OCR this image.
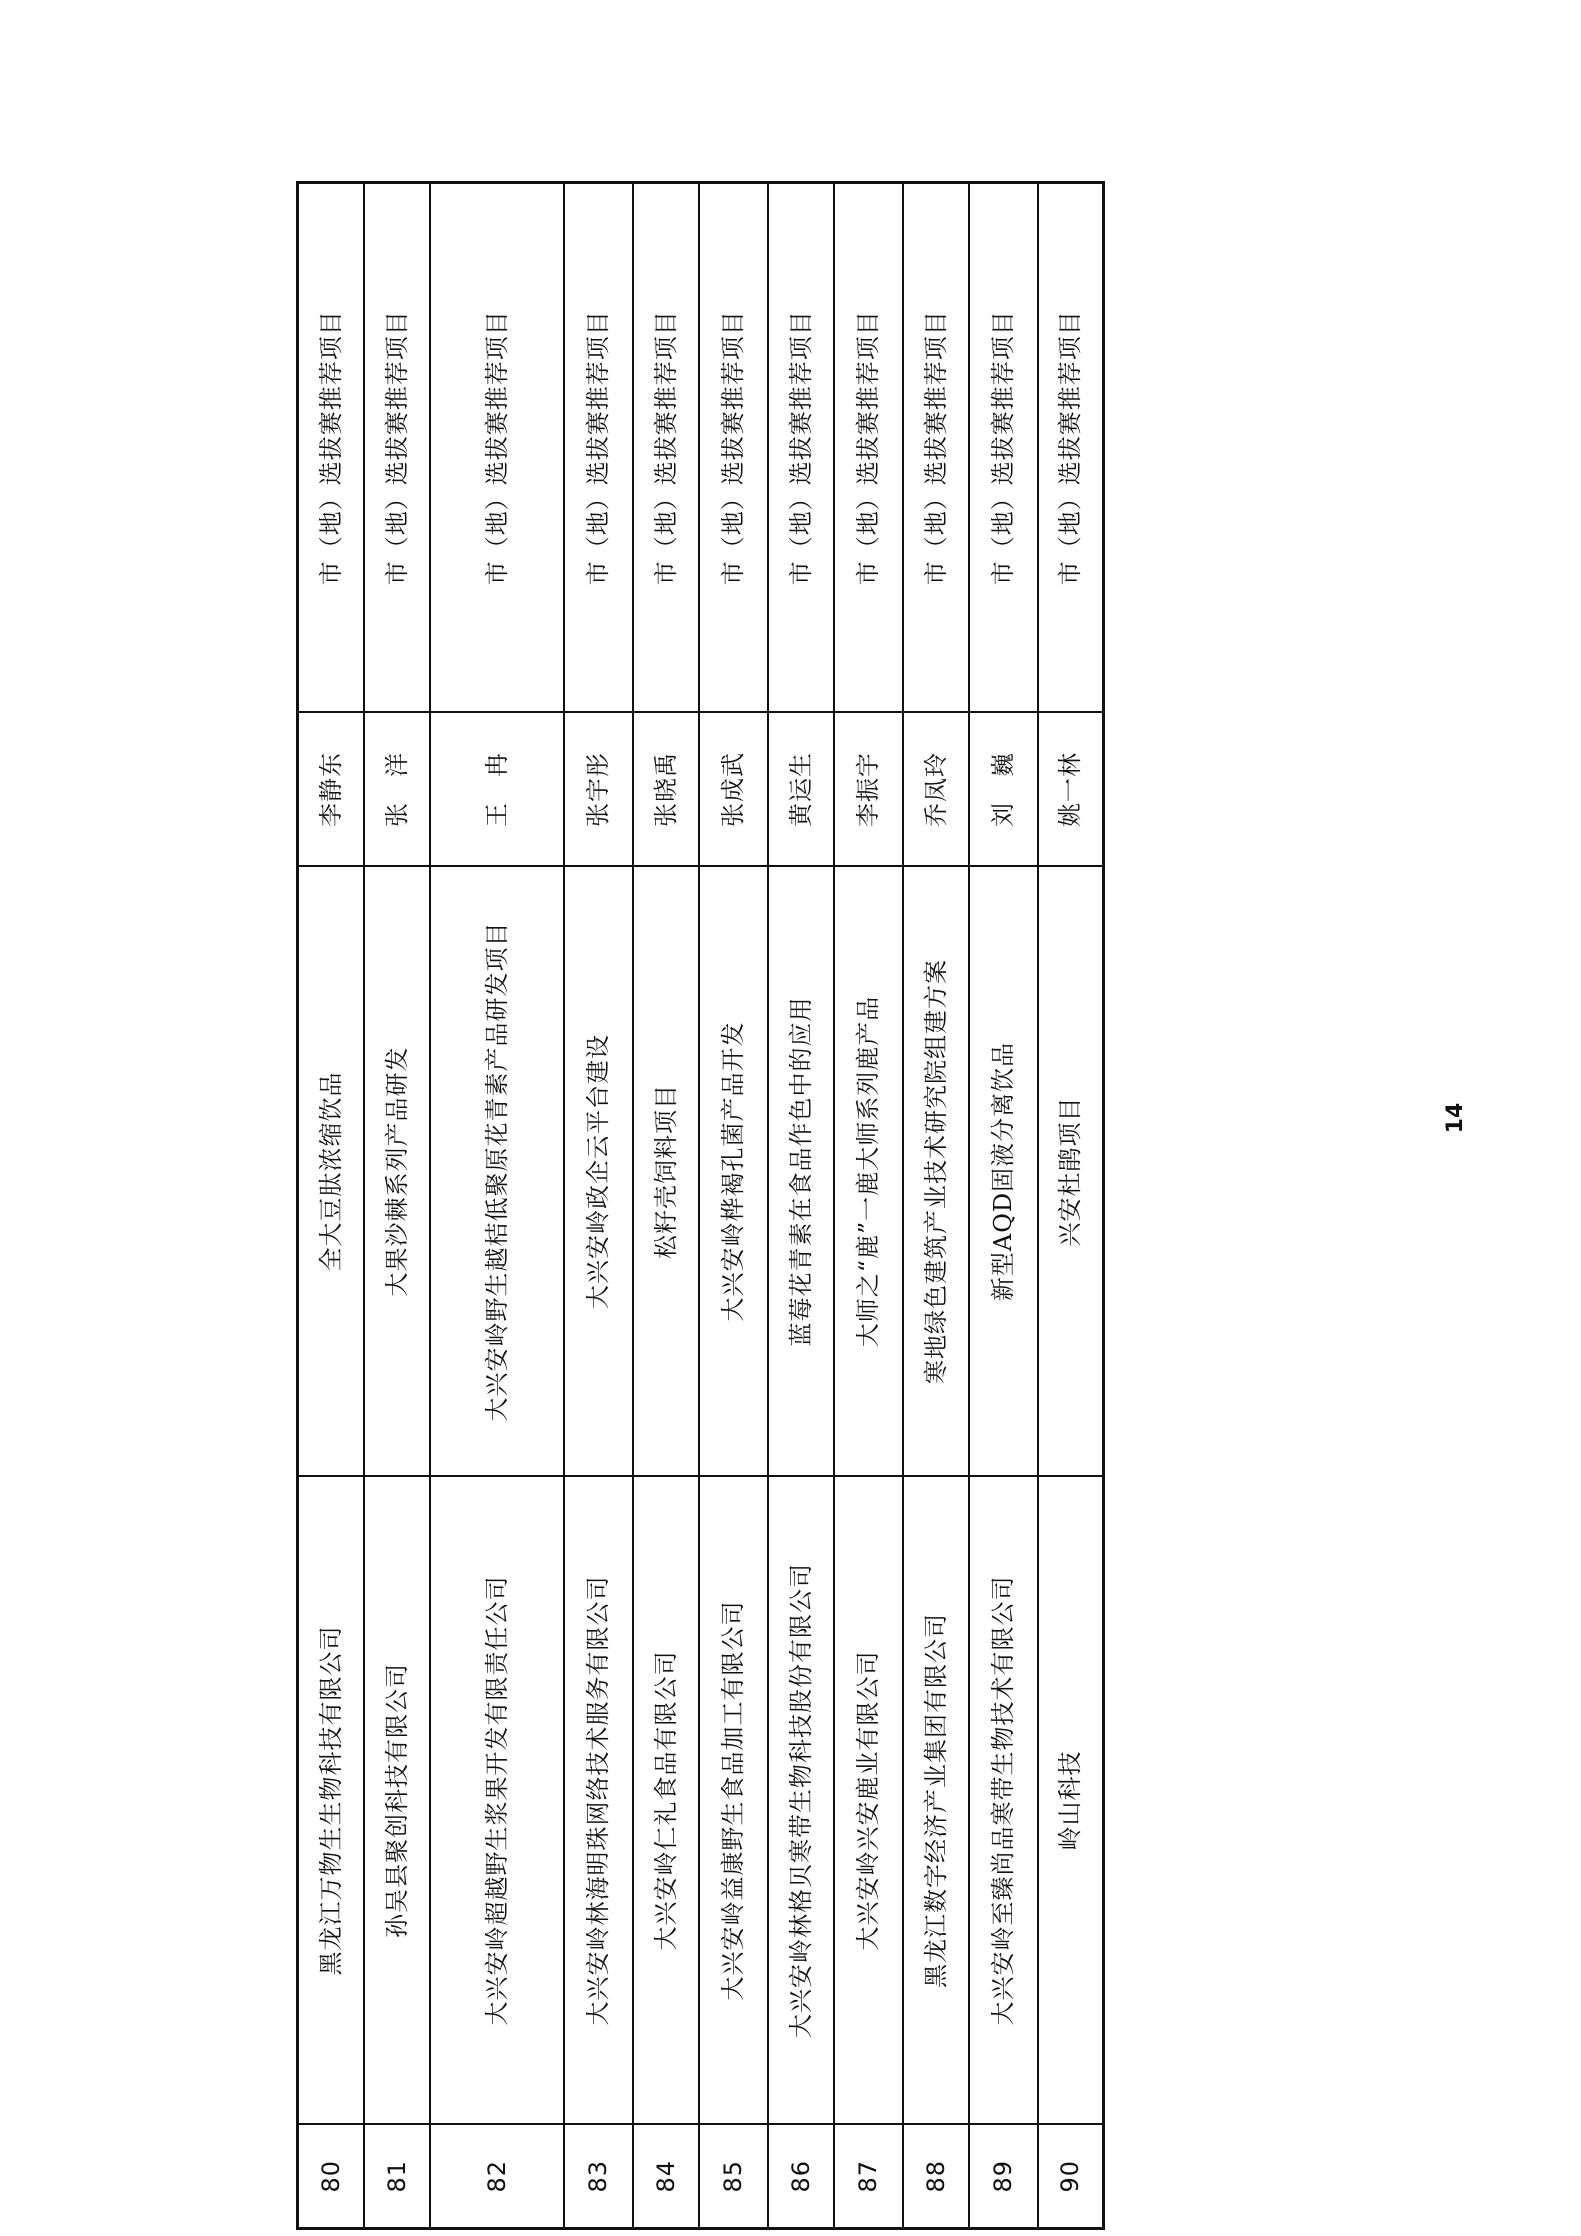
80	黑龙江万物生生物科技有限公司	全大豆肽浓缩饮品	李静东	市（地）选拔赛推荐项目
81	孙吴县聚创科技有限公司	大果沙棘系列产品研发	张　洋	市（地）选拔赛推荐项目
82	大兴安岭超越野生浆果开发有限责任公司	大兴安岭野生越桔低聚原花青素产品研发项目	王　冉	市（地）选拔赛推荐项目
83	大兴安岭林海明珠网络技术服务有限公司	大兴安岭政企云平台建设	张宇彤	市（地）选拔赛推荐项目
84	大兴安岭仁礼食品有限公司	松籽壳饲料项目	张晓禹	市（地）选拔赛推荐项目
85	大兴安岭益康野生食品加工有限公司	大兴安岭桦褐孔菌产品开发	张成武	市（地）选拔赛推荐项目
86	大兴安岭林格贝寒带生物科技股份有限公司	蓝莓花青素在食品作色中的应用	黄运生	市（地）选拔赛推荐项目
87	大兴安岭兴安鹿业有限公司	大师之“鹿”一鹿大师系列鹿产品	李振宇	市（地）选拔赛推荐项目
88	黑龙江数字经济产业集团有限公司	寒地绿色建筑产业技术研究院组建方案	乔凤玲	市（地）选拔赛推荐项目
89	大兴安岭至臻尚品寒带生物技术有限公司	新型AQD固液分离饮品	刘　巍	市（地）选拔赛推荐项目
90	岭山科技	兴安杜鹃项目	姚一林	市（地）选拔赛推荐项目
14
